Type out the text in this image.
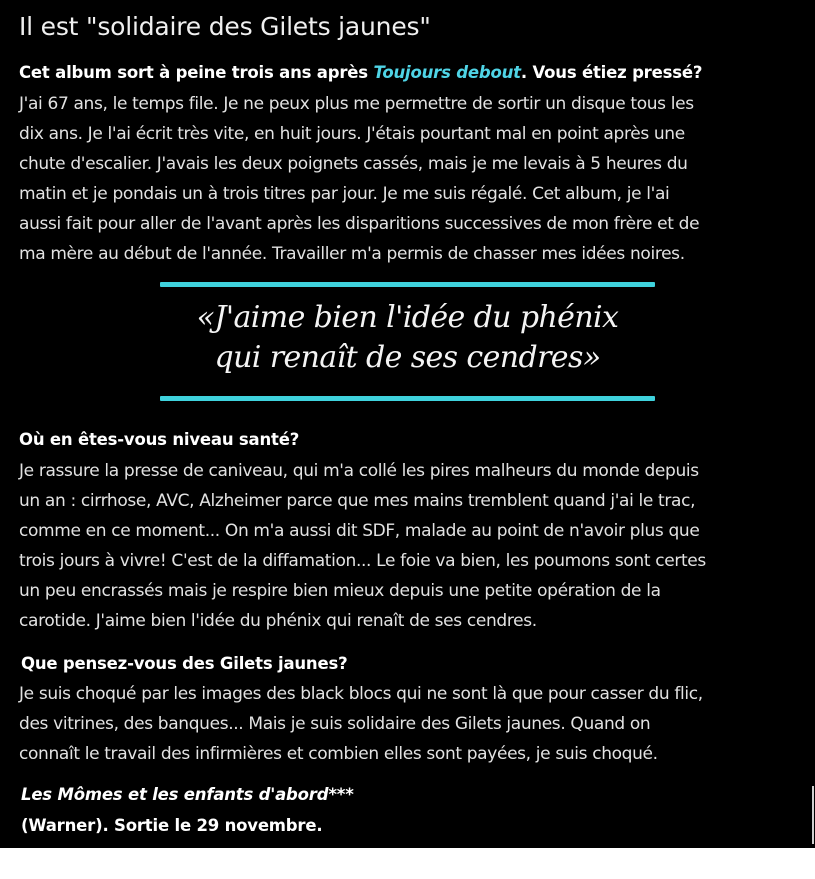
Il est "solidaire des Gilets jaunes"

Cet album sort à peine trois ans après Toujours debout. Vous étiez pressé?

J'ai 67 ans, le temps file. Je ne peux plus me permettre de sortir un disque tous les
dix ans. Je l'ai écrit très vite, en huit jours. J'étais pourtant mal en point après une
chute d'escalier. J'avais les deux poignets cassés, mais je me levais à 5 heures du
matin et je pondais un à trois titres par jour. Je me suis régalé. Cet album, je l'ai
aussi fait pour aller de l'avant après les disparitions successives de mon frère et de
ma mère au début de l'année. Travailler m'a permis de chasser mes idées noires.
«J'aime bien l'idée du phénix
qui renaît de ses cendres»

Où en êtes-vous niveau santé?

Je rassure la presse de caniveau, qui m'a collé les pires malheurs du monde depuis
un an : cirrhose, AVC, Alzheimer parce que mes mains tremblent quand j'ai le trac,
comme en ce moment... On m'a aussi dit SDF, malade au point de n'avoir plus que
trois jours à vivre! C'est de la diffamation... Le foie va bien, les poumons sont certes
un peu encrassés mais je respire bien mieux depuis une petite opération de la
carotide. J'aime bien l'idée du phénix qui renaît de ses cendres.

Que pensez-vous des Gilets jaunes?

Je suis choqué par les images des black blocs qui ne sont là que pour casser du flic,
des vitrines, des banques... Mais je suis solidaire des Gilets jaunes. Quand on
connaît le travail des infirmières et combien elles sont payées, je suis choqué.

Les Mômes et les enfants d'abord***

(Warner). Sortie le 29 novembre.
